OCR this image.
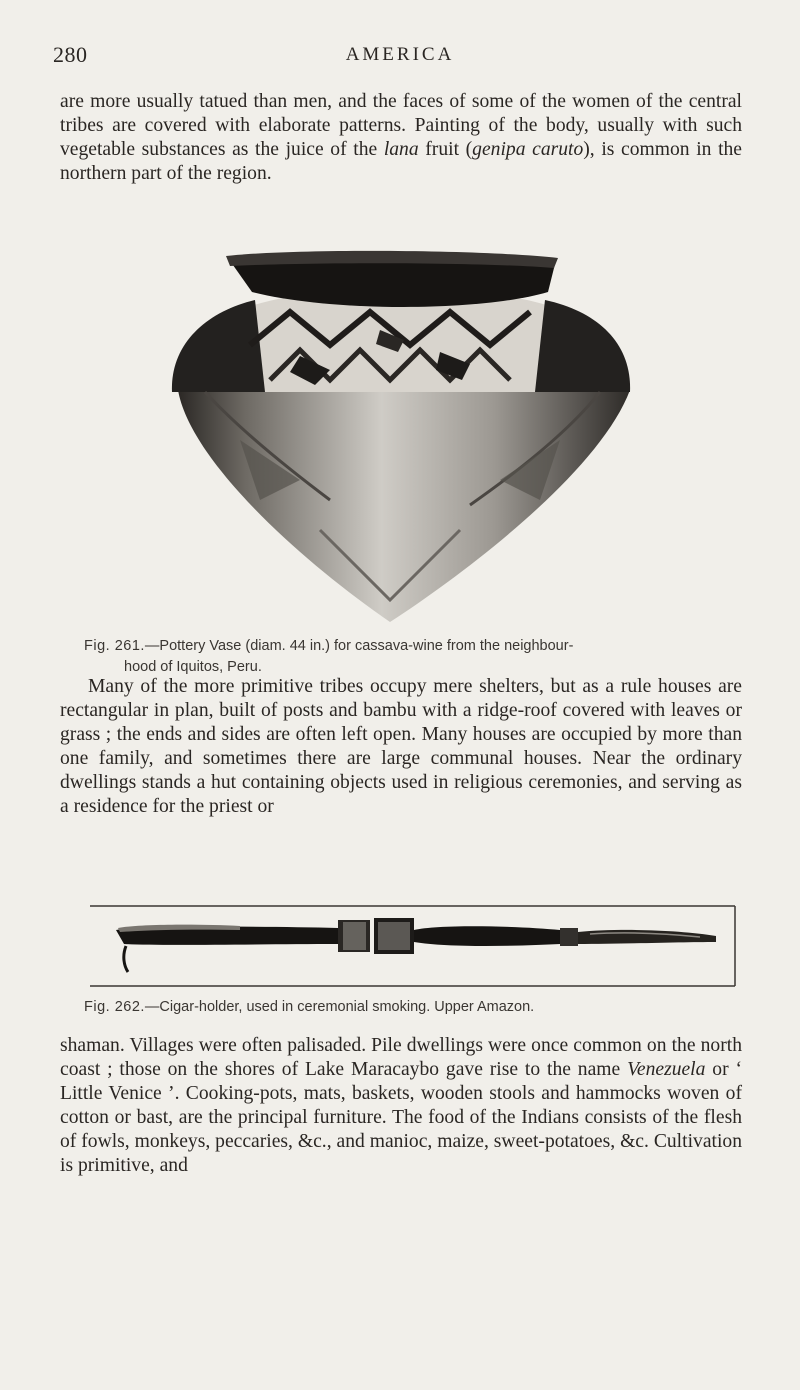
280	AMERICA

are more usually tatued than men, and the faces of some of the women of the central tribes are covered with elaborate patterns. Painting of the body, usually with such vegetable substances as the juice of the lana fruit (genipa caruto), is common in the northern part of the region.

Fig. 261.—Pottery Vase (diam. 44 in.) for cassava-wine from the neighbour-
hood of Iquitos, Peru.

Many of the more primitive tribes occupy mere shelters, but as a rule houses are rectangular in plan, built of posts and bambu with a ridge-roof covered with leaves or grass ; the ends and sides are often left open. Many houses are occupied by more than one family, and sometimes there are large communal houses. Near the ordinary dwellings stands a hut containing objects used in religious ceremonies, and serving as a residence for the priest or

Fig. 262.—Cigar-holder, used in ceremonial smoking. Upper Amazon.

shaman. Villages were often palisaded. Pile dwellings were once common on the north coast ; those on the shores of Lake Maracaybo gave rise to the name Venezuela or ‘ Little Venice ’. Cooking-pots, mats, baskets, wooden stools and hammocks woven of cotton or bast, are the principal furniture. The food of the Indians consists of the flesh of fowls, monkeys, peccaries, &c., and manioc, maize, sweet-potatoes, &c. Cultivation is primitive, and
